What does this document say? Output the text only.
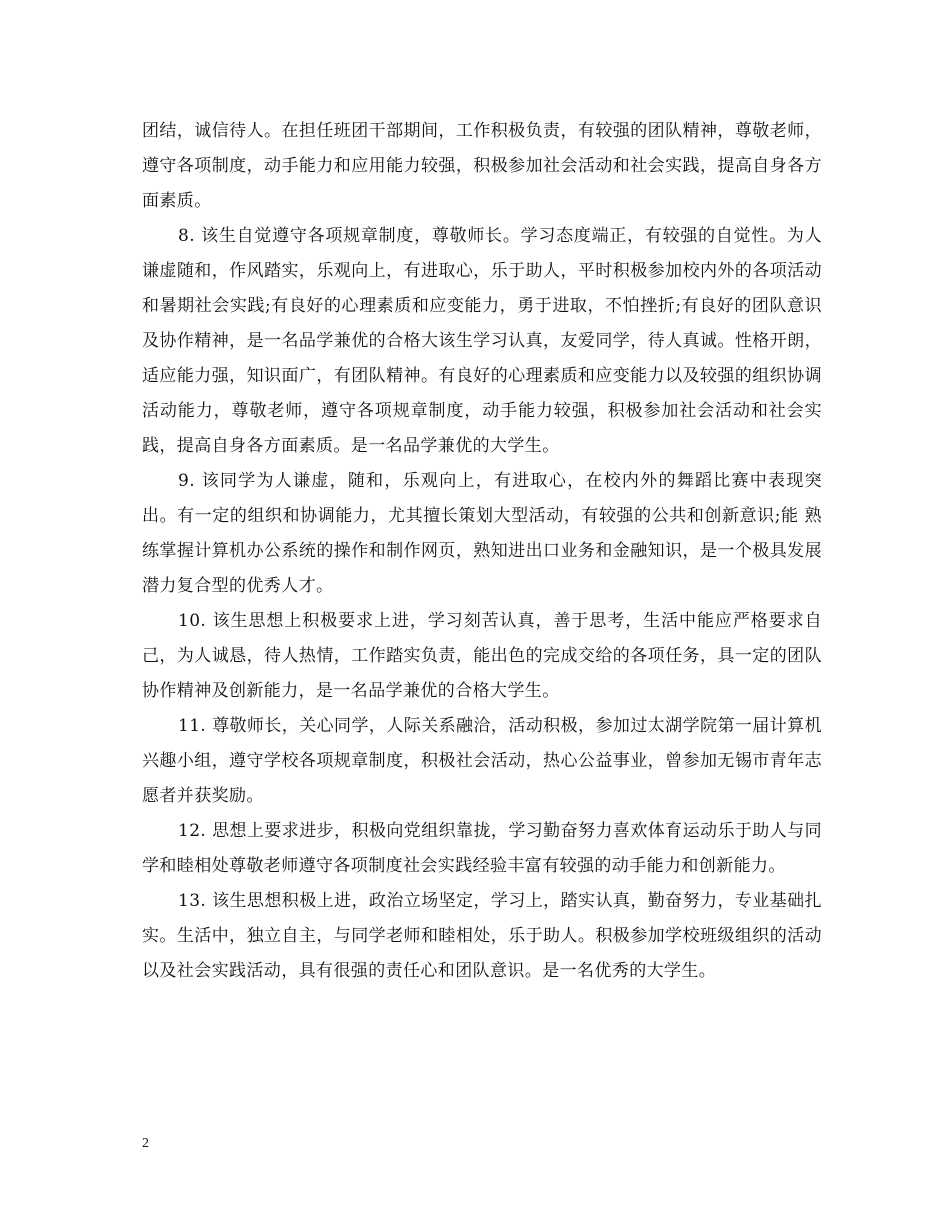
团结，诚信待人。在担任班团干部期间，工作积极负责，有较强的团队精神，尊敬老师，遵守各项制度，动手能力和应用能力较强，积极参加社会活动和社会实践，提高自身各方面素质。

8. 该生自觉遵守各项规章制度，尊敬师长。学习态度端正，有较强的自觉性。为人谦虚随和，作风踏实，乐观向上，有进取心，乐于助人，平时积极参加校内外的各项活动和暑期社会实践;有良好的心理素质和应变能力，勇于进取，不怕挫折;有良好的团队意识及协作精神，是一名品学兼优的合格大该生学习认真，友爱同学，待人真诚。性格开朗，适应能力强，知识面广，有团队精神。有良好的心理素质和应变能力以及较强的组织协调活动能力，尊敬老师，遵守各项规章制度，动手能力较强，积极参加社会活动和社会实践，提高自身各方面素质。是一名品学兼优的大学生。

9. 该同学为人谦虚，随和，乐观向上，有进取心，在校内外的舞蹈比赛中表现突出。有一定的组织和协调能力，尤其擅长策划大型活动，有较强的公共和创新意识;能 熟练掌握计算机办公系统的操作和制作网页，熟知进出口业务和金融知识，是一个极具发展潜力复合型的优秀人才。

10. 该生思想上积极要求上进，学习刻苦认真，善于思考，生活中能应严格要求自己，为人诚恳，待人热情，工作踏实负责，能出色的完成交给的各项任务，具一定的团队协作精神及创新能力，是一名品学兼优的合格大学生。

11. 尊敬师长，关心同学，人际关系融洽，活动积极，参加过太湖学院第一届计算机兴趣小组，遵守学校各项规章制度，积极社会活动，热心公益事业，曾参加无锡市青年志愿者并获奖励。

12. 思想上要求进步，积极向党组织靠拢，学习勤奋努力喜欢体育运动乐于助人与同学和睦相处尊敬老师遵守各项制度社会实践经验丰富有较强的动手能力和创新能力。

13. 该生思想积极上进，政治立场坚定，学习上，踏实认真，勤奋努力，专业基础扎实。生活中，独立自主，与同学老师和睦相处，乐于助人。积极参加学校班级组织的活动以及社会实践活动，具有很强的责任心和团队意识。是一名优秀的大学生。

2
